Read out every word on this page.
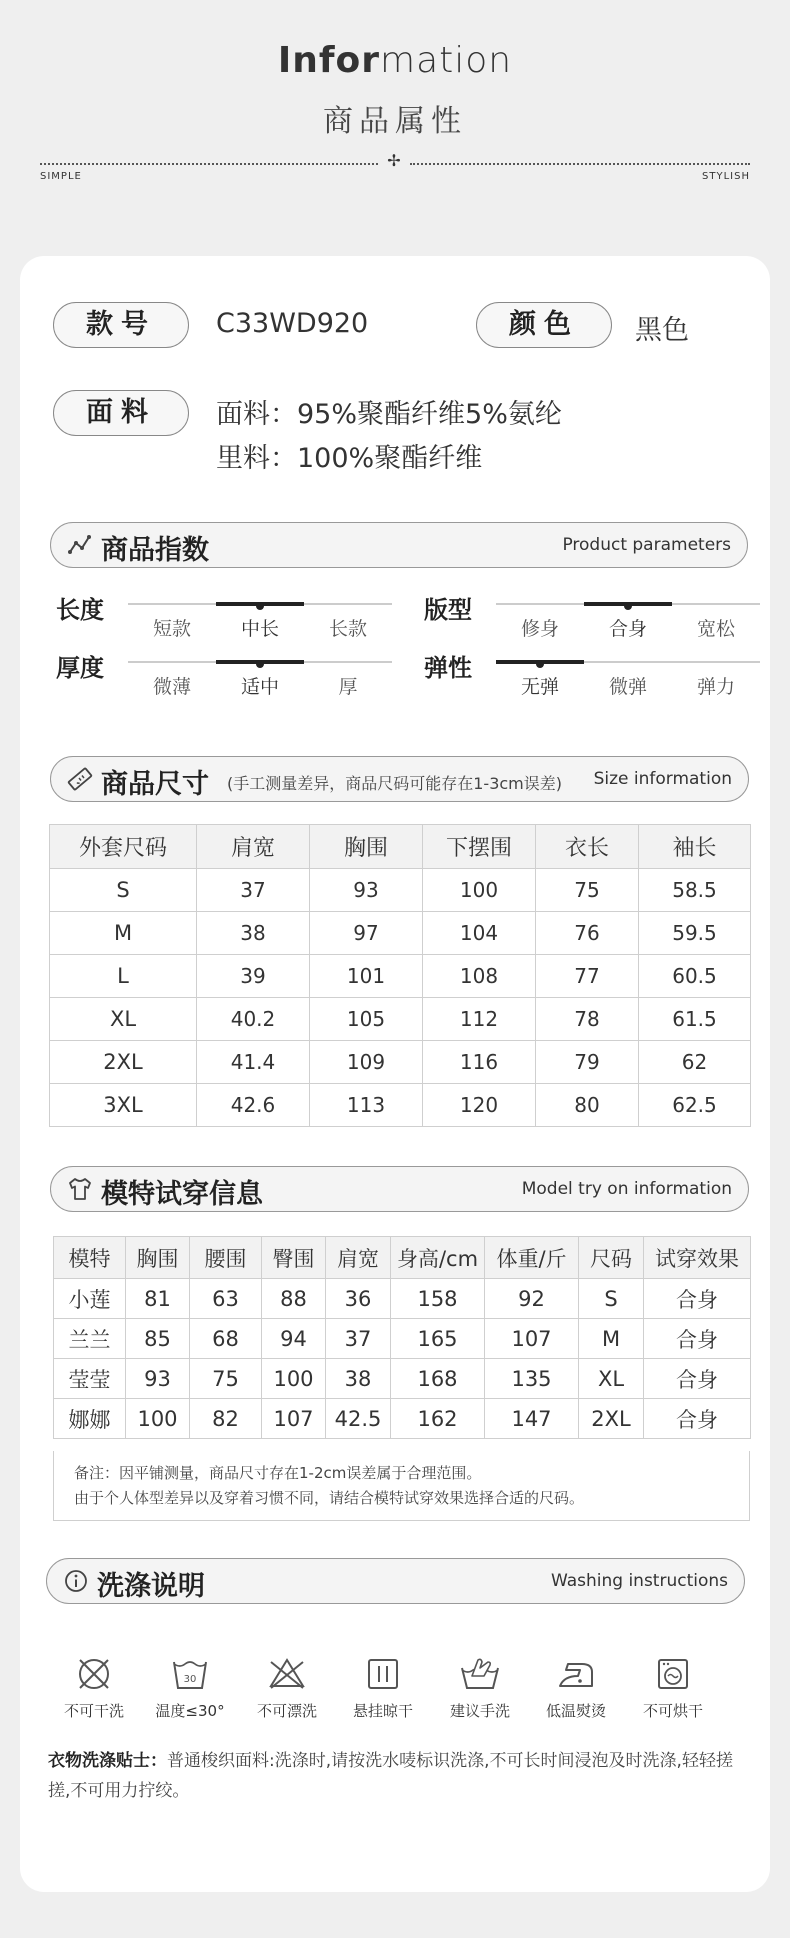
Information
商品属性
✢
SIMPLE	STYLISH
款号	C33WD920	颜色	黑色
面料	面料：95%聚酯纤维5%氨纶
里料：100%聚酯纤维
商品指数	Product parameters
长度
短款	中长	长款
版型
修身	合身	宽松
厚度
微薄	适中	厚
弹性
无弹	微弹	弹力
商品尺寸 (手工测量差异，商品尺码可能存在1-3cm误差) Size information
外套尺码	肩宽	胸围	下摆围	衣长	袖长
S	37	93	100	75	58.5
M	38	97	104	76	59.5
L	39	101	108	77	60.5
XL	40.2	105	112	78	61.5
2XL	41.4	109	116	79	62
3XL	42.6	113	120	80	62.5
模特试穿信息	Model try on information
模特	胸围	腰围	臀围	肩宽	身高/cm	体重/斤	尺码	试穿效果
小莲	81	63	88	36	158	92	S	合身
兰兰	85	68	94	37	165	107	M	合身
莹莹	93	75	100	38	168	135	XL	合身
娜娜	100	82	107	42.5	162	147	2XL	合身
备注：因平铺测量，商品尺寸存在1-2cm误差属于合理范围。
由于个人体型差异以及穿着习惯不同，请结合模特试穿效果选择合适的尺码。
洗涤说明	Washing instructions
不可干洗
30
温度≤30°	不可漂洗	悬挂晾干	建议手洗	低温熨烫	不可烘干
衣物洗涤贴士：普通梭织面料:洗涤时,请按洗水唛标识洗涤,不可长时间浸泡及时洗涤,轻轻搓搓,不可用力拧绞。
